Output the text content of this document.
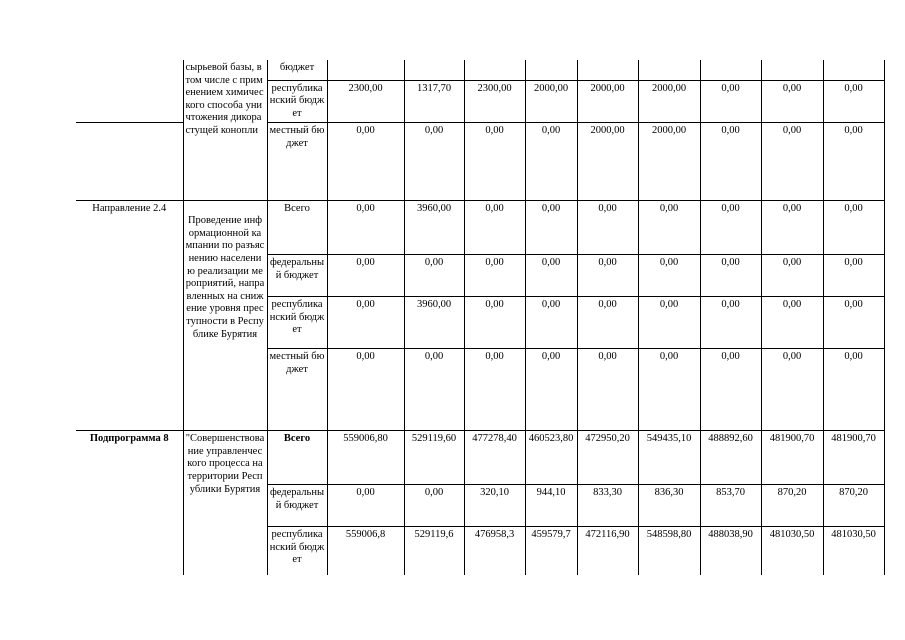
	сырьевой базы, в том числе с применением химического способа уничтожения дикорастущей конопли	бюджет									
		республиканский бюджет	2300,00	1317,70	2300,00	2000,00	2000,00	2000,00	0,00	0,00	0,00
		местный бюджет	0,00	0,00	0,00	0,00	2000,00	2000,00	0,00	0,00	0,00
Направление 2.4	Проведение информационной кампании по разъяснению населению реализации мероприятий, направленных на снижение уровня преступности в Республике Бурятия	Всего	0,00	3960,00	0,00	0,00	0,00	0,00	0,00	0,00	0,00
		федеральный бюджет	0,00	0,00	0,00	0,00	0,00	0,00	0,00	0,00	0,00
		республиканский бюджет	0,00	3960,00	0,00	0,00	0,00	0,00	0,00	0,00	0,00
		местный бюджет	0,00	0,00	0,00	0,00	0,00	0,00	0,00	0,00	0,00
Подпрограмма 8	"Совершенствование управленческого процесса на территории Республики Бурятия	Всего	559006,80	529119,60	477278,40	460523,80	472950,20	549435,10	488892,60	481900,70	481900,70
		федеральный бюджет	0,00	0,00	320,10	944,10	833,30	836,30	853,70	870,20	870,20
		республиканский бюджет	559006,8	529119,6	476958,3	459579,7	472116,90	548598,80	488038,90	481030,50	481030,50
